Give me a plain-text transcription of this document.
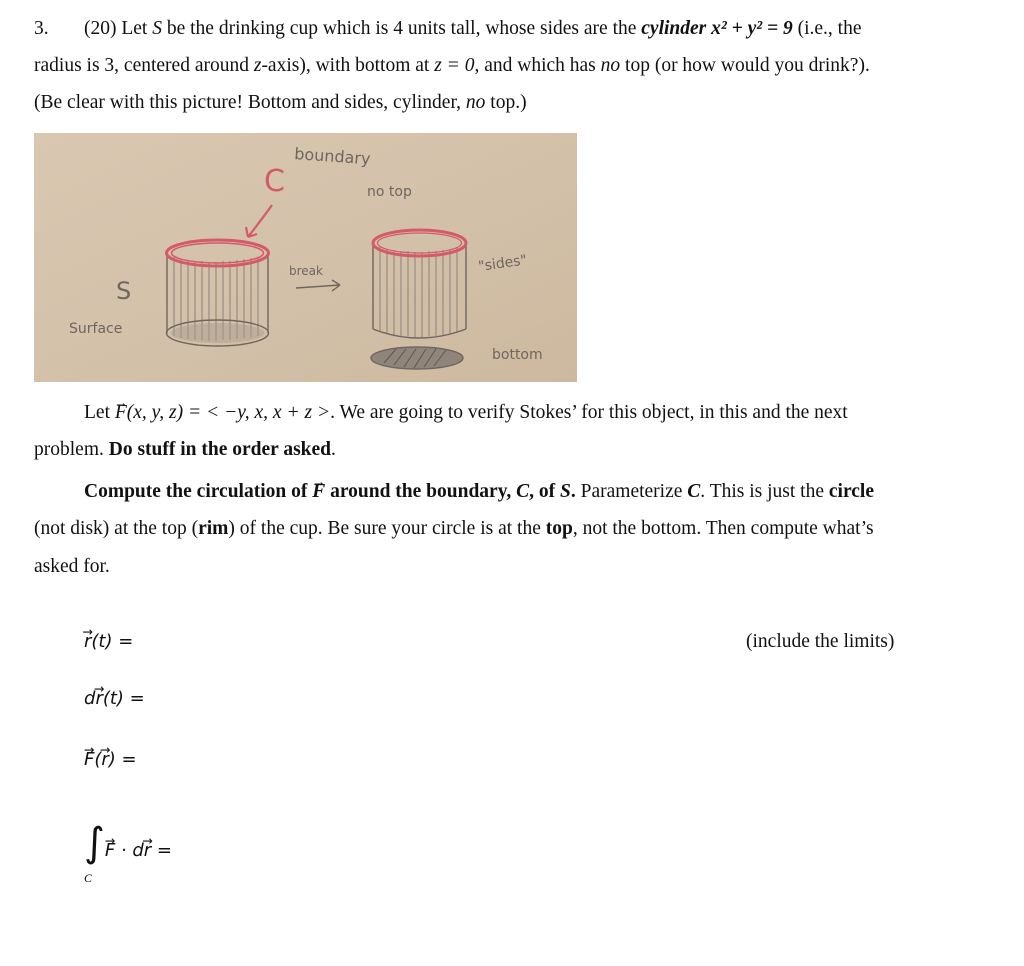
3. (20) Let S be the drinking cup which is 4 units tall, whose sides are the cylinder x² + y² = 9 (i.e., the
radius is 3, centered around z-axis), with bottom at z = 0, and which has no top (or how would you drink?).
(Be clear with this picture! Bottom and sides, cylinder, no top.)
boundary
C	no top
S
Surface
break	"sides"
bottom
Let → F(x, y, z) = < −y, x, x + z >. We are going to verify Stokes’ for this object, in this and the next
problem. Do stuff in the order asked.
Compute the circulation of → F around the boundary, C, of S. Parameterize C. This is just the circle
(not disk) at the top (rim) of the cup. Be sure your circle is at the top, not the bottom. Then compute what’s
asked for.
→ r(t) =	(include the limits)
d→ r(t) =
→ F(→ r) =
∫→ F · d→ r =
C
